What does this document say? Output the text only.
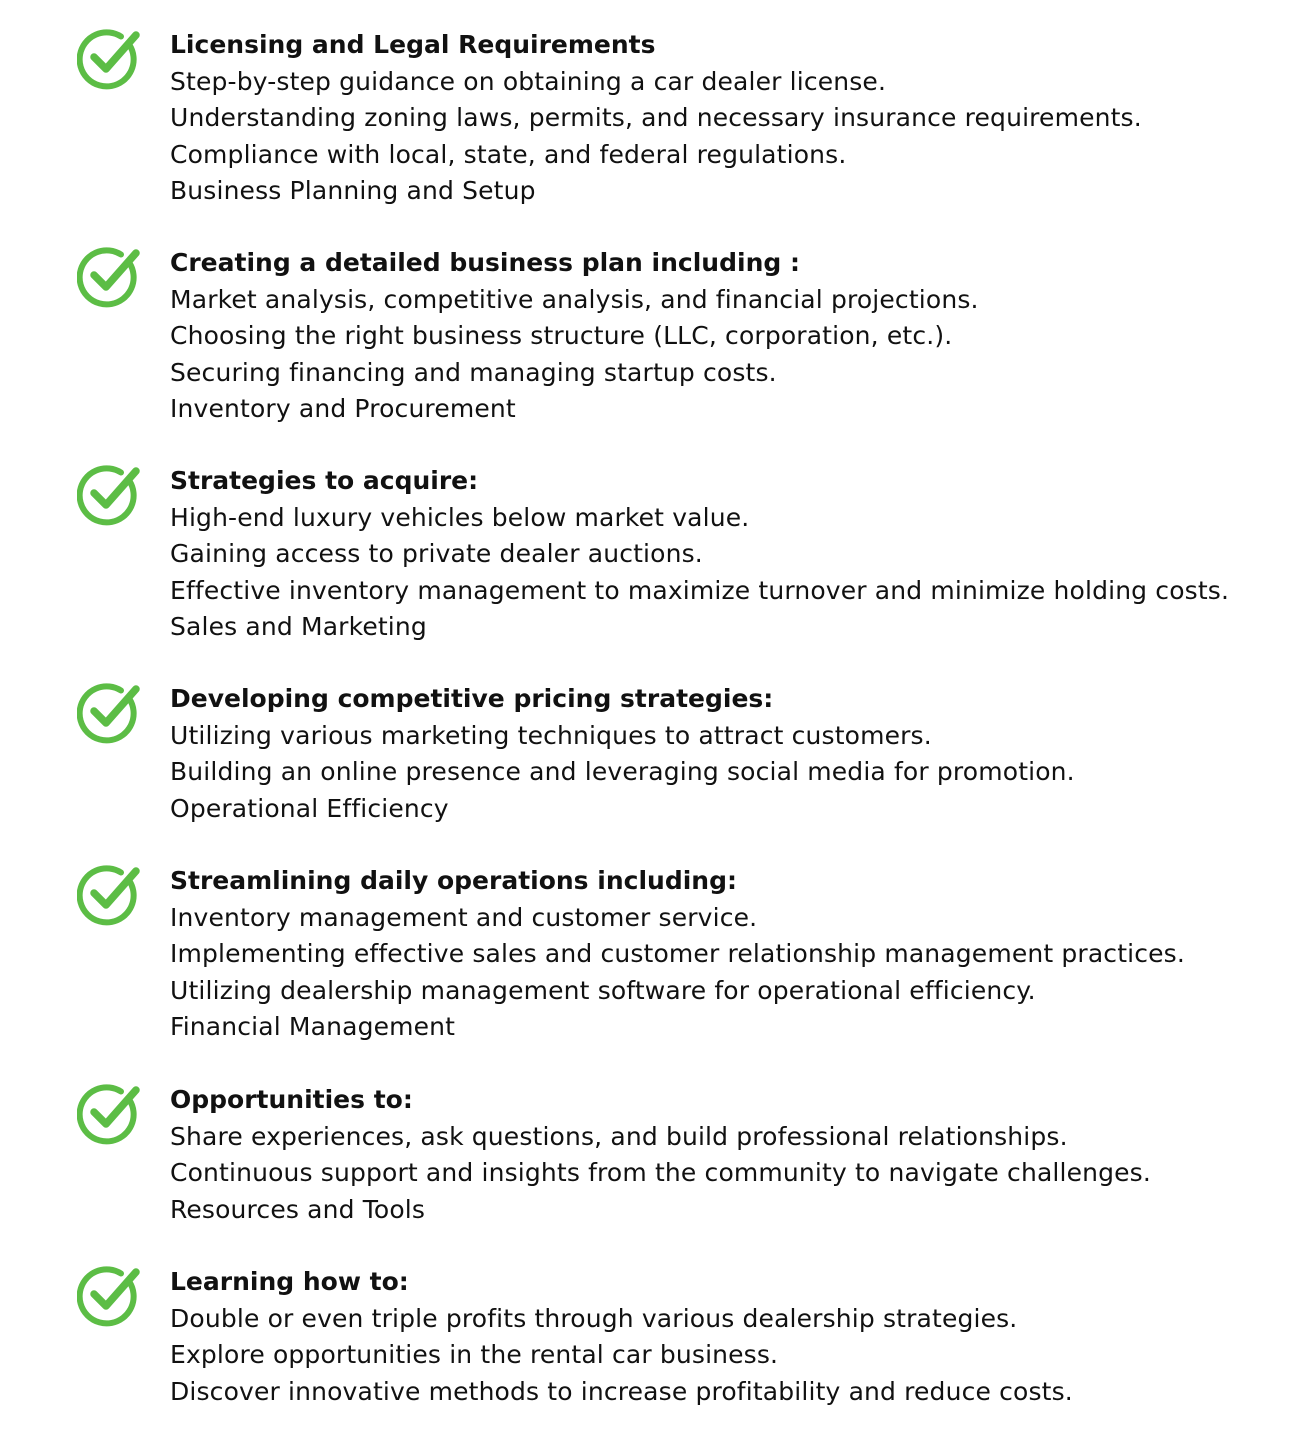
Licensing and Legal Requirements
Step-by-step guidance on obtaining a car dealer license.
Understanding zoning laws, permits, and necessary insurance requirements.
Compliance with local, state, and federal regulations.
Business Planning and Setup
Creating a detailed business plan including :
Market analysis, competitive analysis, and financial projections.
Choosing the right business structure (LLC, corporation, etc.).
Securing financing and managing startup costs.
Inventory and Procurement
Strategies to acquire:
High-end luxury vehicles below market value.
Gaining access to private dealer auctions.
Effective inventory management to maximize turnover and minimize holding costs.
Sales and Marketing
Developing competitive pricing strategies:
Utilizing various marketing techniques to attract customers.
Building an online presence and leveraging social media for promotion.
Operational Efficiency
Streamlining daily operations including:
Inventory management and customer service.
Implementing effective sales and customer relationship management practices.
Utilizing dealership management software for operational efficiency.
Financial Management
Opportunities to:
Share experiences, ask questions, and build professional relationships.
Continuous support and insights from the community to navigate challenges.
Resources and Tools
Learning how to:
Double or even triple profits through various dealership strategies.
Explore opportunities in the rental car business.
Discover innovative methods to increase profitability and reduce costs.
